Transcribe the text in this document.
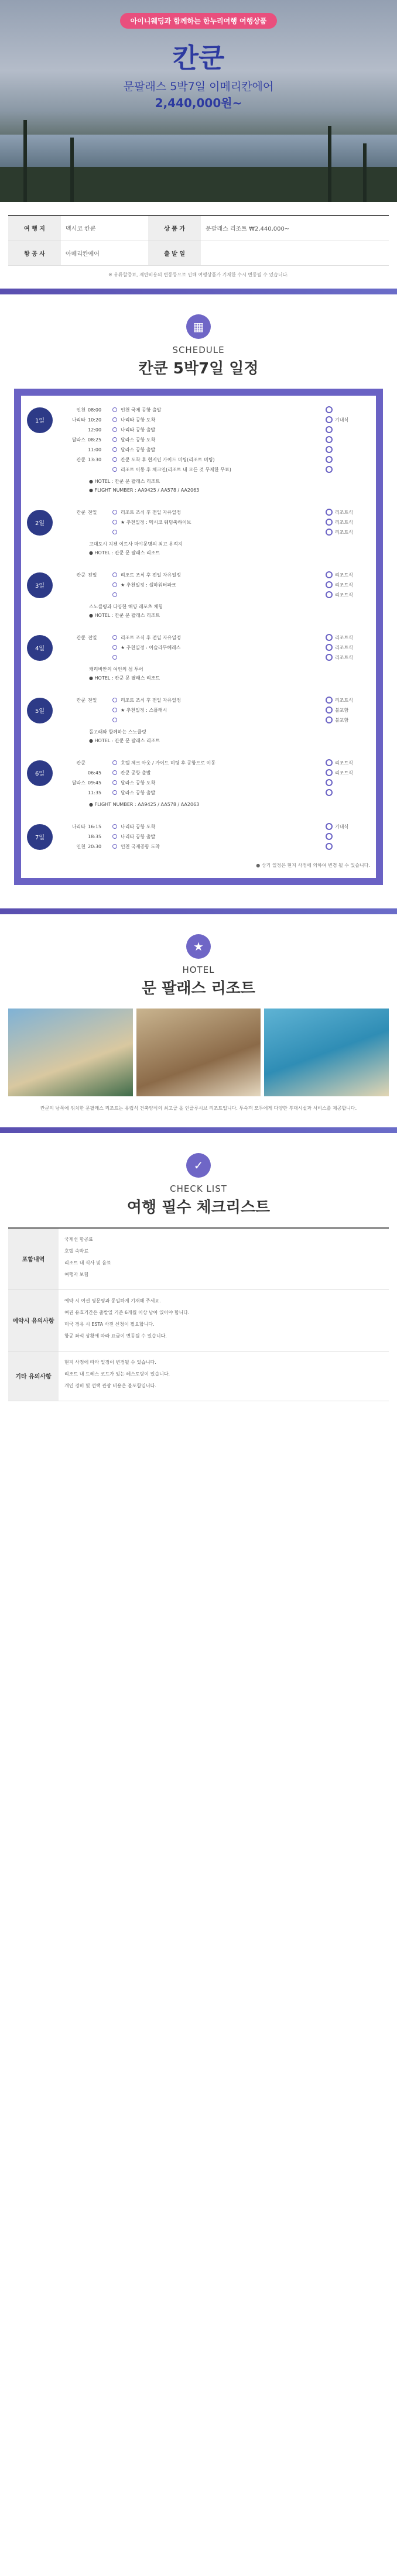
아이니웨딩과 함께하는 한누리여행 여행상품
칸쿤
문팔래스 5박7일 이메리칸에어
2,440,000원~
여 행 지	멕시코 칸쿤	상 품 가	문팔래스 리조트 ₩2,440,000~
항 공 사	아메리칸에어	출 발 일	
※ 유류할증료, 제반비용의 변동등으로 인해 여행상품가 기재한 수시 변동될 수 있습니다.
▦
SCHEDULE
칸쿤 5박7일 일정
1일
인천 08:00	인천 국제 공항 출발
나리타 10:20	나리타 공항 도착	기내식
12:00	나리타 공항 출발
달라스 08:25	달라스 공항 도착
11:00	달라스 공항 출발
칸쿤 13:30	칸쿤 도착 후 현지인 가이드 미팅(리조트 미팅)
리조트 이동 후 체크인(리조트 내 모든 것 무제한 무료)
● HOTEL : 칸쿤 문 팔래스 리조트
● FLIGHT NUMBER : AA9425 / AA578 / AA2063
2일
칸쿤 전일	리조트 조식 후 전일 자유일정	리조트식
★ 추천일정 : 멕시코 웨딩축하이브	리조트식
리조트식
고대도시 치첸 이트사 마야문명의 최고 유적지
● HOTEL : 칸쿤 문 팔래스 리조트
3일
칸쿤 전일	리조트 조식 후 전일 자유일정	리조트식
★ 추천일정 : 셀하워터파크	리조트식
리조트식
스노클링과 다양한 해양 레포츠 체험
● HOTEL : 칸쿤 문 팔래스 리조트
4일
칸쿤 전일	리조트 조식 후 전일 자유일정	리조트식
★ 추천일정 : 이슬라무헤레스	리조트식
리조트식
캐리비안의 여인의 섬 투어
● HOTEL : 칸쿤 문 팔래스 리조트
5일
칸쿤 전일	리조트 조식 후 전일 자유일정	리조트식
★ 추천일정 : 스플래시	불포함
불포함
돌고래와 함께하는 스노클링
● HOTEL : 칸쿤 문 팔래스 리조트
6일
칸쿤	호텔 체크 아웃 / 가이드 미팅 후 공항으로 이동	리조트식
06:45	칸쿤 공항 출발	리조트식
달라스 09:45	달라스 공항 도착
11:35	달라스 공항 출발
● FLIGHT NUMBER : AA9425 / AA578 / AA2063
7일
나리타 16:15	나리타 공항 도착	기내식
18:35	나리타 공항 출발
인천 20:30	인천 국제공항 도착
● 상기 일정은 현지 사정에 의하여 변경 될 수 있습니다.
★
HOTEL
문 팔래스 리조트
칸쿤의 남쪽에 위치한 문팔래스 리조트는 유럽식 건축양식의 최고급 올 인클루시브 리조트입니다. 투숙객 모두에게 다양한 부대시설과 서비스를 제공합니다.
✓
CHECK LIST
여행 필수 체크리스트
포함내역

국제선 항공료

호텔 숙박료

리조트 내 식사 및 음료

여행자 보험

예약시 유의사항

예약 시 여권 영문명과 동일하게 기재해 주세요.

여권 유효기간은 출발일 기준 6개월 이상 남아 있어야 합니다.

미국 경유 시 ESTA 사전 신청이 필요합니다.

항공 좌석 상황에 따라 요금이 변동될 수 있습니다.

기타 유의사항

현지 사정에 따라 일정이 변경될 수 있습니다.

리조트 내 드레스 코드가 있는 레스토랑이 있습니다.

개인 경비 및 선택 관광 비용은 불포함입니다.
